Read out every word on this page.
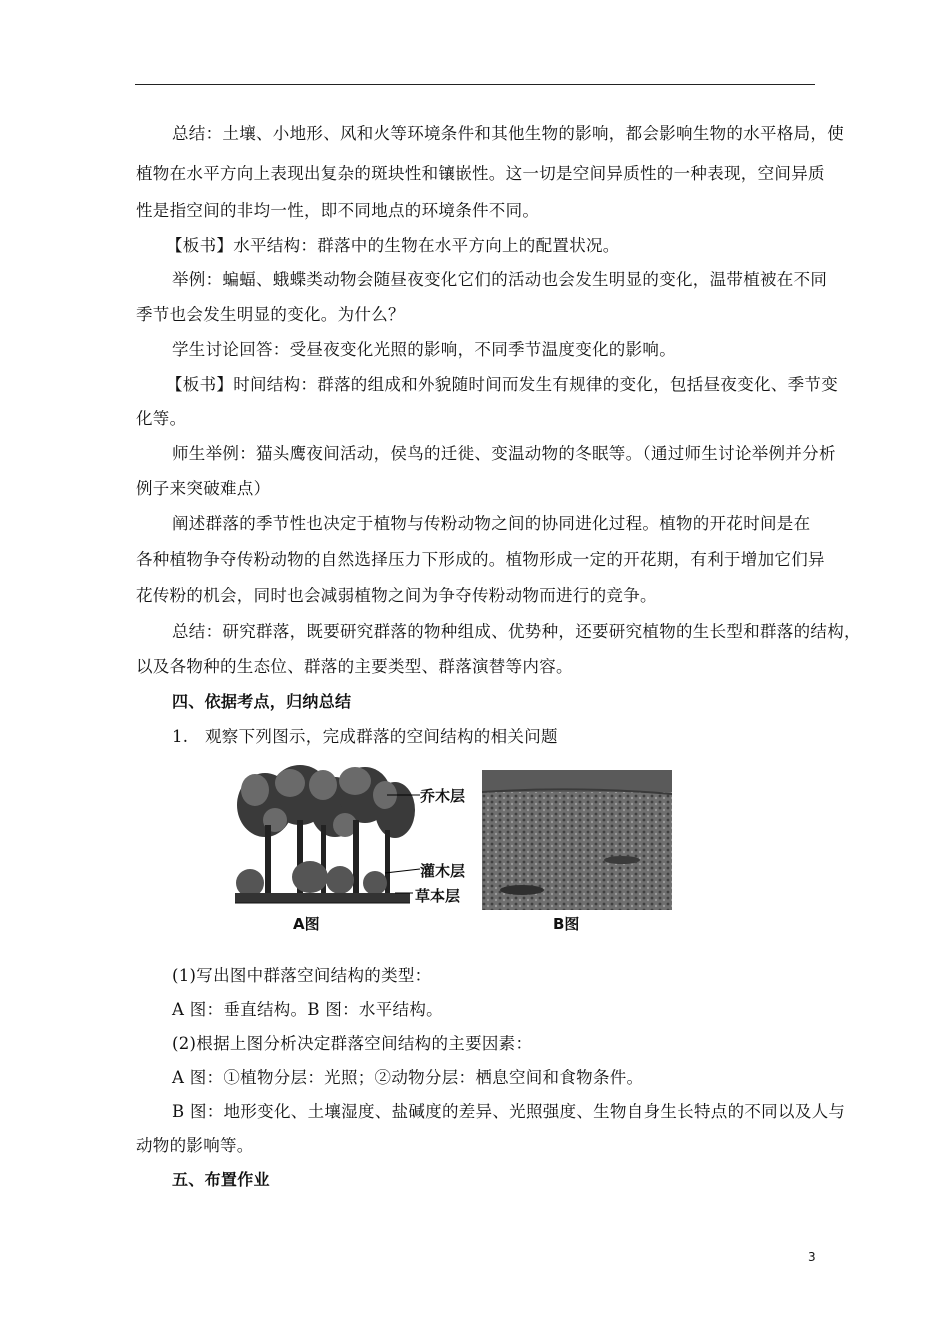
总结：土壤、小地形、风和火等环境条件和其他生物的影响，都会影响生物的水平格局，使
植物在水平方向上表现出复杂的斑块性和镶嵌性。这一切是空间异质性的一种表现，空间异质
性是指空间的非均一性，即不同地点的环境条件不同。
【板书】水平结构：群落中的生物在水平方向上的配置状况。
举例：蝙蝠、蛾蝶类动物会随昼夜变化它们的活动也会发生明显的变化，温带植被在不同
季节也会发生明显的变化。为什么？
学生讨论回答：受昼夜变化光照的影响，不同季节温度变化的影响。
【板书】时间结构：群落的组成和外貌随时间而发生有规律的变化，包括昼夜变化、季节变
化等。
师生举例：猫头鹰夜间活动，侯鸟的迁徙、变温动物的冬眠等。（通过师生讨论举例并分析
例子来突破难点）
阐述群落的季节性也决定于植物与传粉动物之间的协同进化过程。植物的开花时间是在
各种植物争夺传粉动物的自然选择压力下形成的。植物形成一定的开花期，有利于增加它们异
花传粉的机会，同时也会减弱植物之间为争夺传粉动物而进行的竞争。
总结：研究群落，既要研究群落的物种组成、优势种，还要研究植物的生长型和群落的结构，
以及各物种的生态位、群落的主要类型、群落演替等内容。
四、依据考点，归纳总结
1. 观察下列图示，完成群落的空间结构的相关问题
乔木层
灌木层
草本层
A图	B图
(1)写出图中群落空间结构的类型：
A 图：垂直结构。B 图：水平结构。
(2)根据上图分析决定群落空间结构的主要因素：
A 图：①植物分层：光照；②动物分层：栖息空间和食物条件。
B 图：地形变化、土壤湿度、盐碱度的差异、光照强度、生物自身生长特点的不同以及人与
动物的影响等。
五、布置作业
3
